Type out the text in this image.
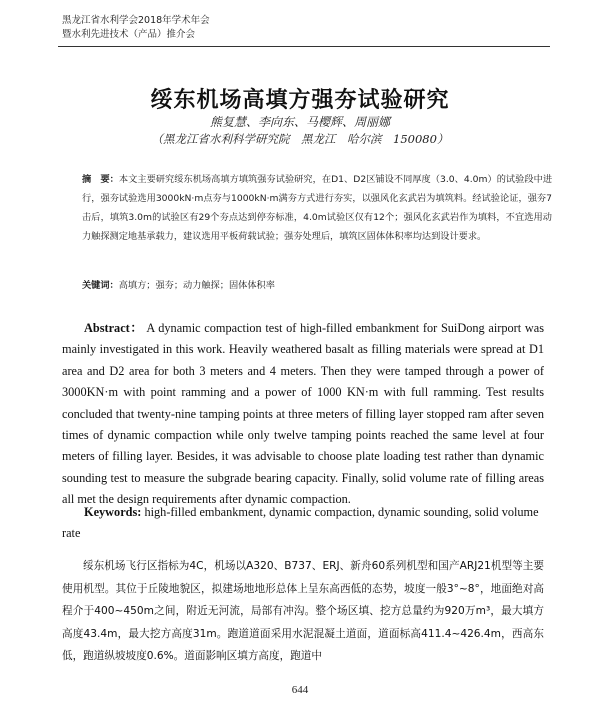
黑龙江省水利学会2018年学术年会
暨水利先进技术（产品）推介会
绥东机场高填方强夯试验研究
熊复慧、李向东、马樱辉、周丽娜
（黑龙江省水利科学研究院　黑龙江　哈尔滨　150080）
摘　要：本文主要研究绥东机场高填方填筑强夯试验研究，在D1、D2区铺设不同厚度（3.0、4.0m）的试验段中进行，强夯试验选用3000kN·m点夯与1000kN·m满夯方式进行夯实，以强风化玄武岩为填筑料。经试验论证，强夯7击后，填筑3.0m的试验区有29个夯点达到停夯标准，4.0m试验区仅有12个；强风化玄武岩作为填料，不宜选用动力触探测定地基承载力，建议选用平板荷载试验；强夯处理后，填筑区固体体积率均达到设计要求。
关键词：高填方；强夯；动力触探；固体体积率
Abstract： A dynamic compaction test of high-filled embankment for SuiDong airport was mainly investigated in this work. Heavily weathered basalt as filling materials were spread at D1 area and D2 area for both 3 meters and 4 meters. Then they were tamped through a power of 3000KN·m with point ramming and a power of 1000 KN·m with full ramming. Test results concluded that twenty-nine tamping points at three meters of filling layer stopped ram after seven times of dynamic compaction while only twelve tamping points reached the same level at four meters of filling layer. Besides, it was advisable to choose plate loading test rather than dynamic sounding test to measure the subgrade bearing capacity. Finally, solid volume rate of filling areas all met the design requirements after dynamic compaction.
Keywords: high-filled embankment, dynamic compaction, dynamic sounding, solid volume rate
绥东机场飞行区指标为4C，机场以A320、B737、ERJ、新舟60系列机型和国产ARJ21机型等主要使用机型。其位于丘陵地貌区，拟建场地地形总体上呈东高西低的态势，坡度一般3°~8°，地面绝对高程介于400~450m之间，附近无河流，局部有冲沟。整个场区填、挖方总量约为920万m³，最大填方高度43.4m，最大挖方高度31m。跑道道面采用水泥混凝土道面，道面标高411.4~426.4m，西高东低，跑道纵坡坡度0.6%。道面影响区填方高度，跑道中
644
